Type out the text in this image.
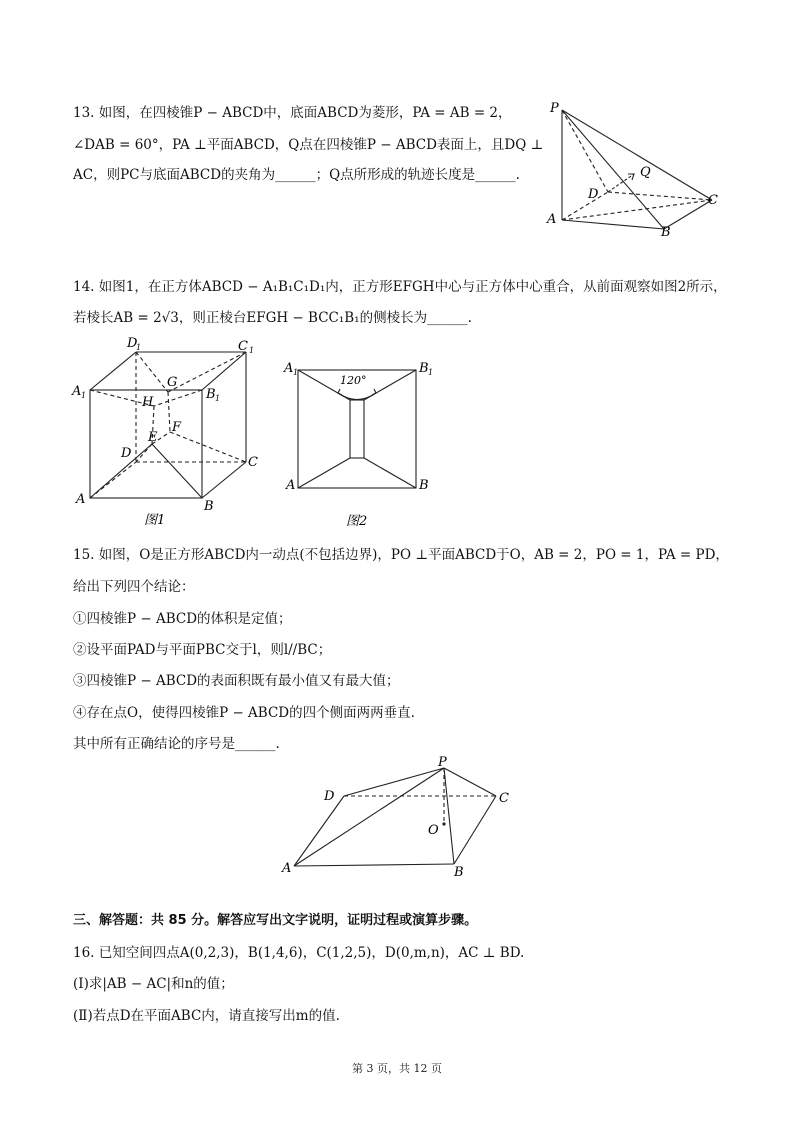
13. 如图，在四棱锥P − ABCD中，底面ABCD为菱形，PA = AB = 2，
∠DAB = 60°，PA ⊥平面ABCD，Q点在四棱锥P − ABCD表面上，且DQ ⊥
AC，则PC与底面ABCD的夹角为______；Q点所形成的轨迹长度是______.
P
Q
D	C
A
B
14. 如图1，在正方体ABCD − A₁B₁C₁D₁内，正方形EFGH中心与正方体中心重合，从前面观察如图2所示，
若棱长AB = 2√3，则正棱台EFGH − BCC₁B₁的侧棱长为______.
D
1	C 1
A 1	B 1
G
H
E
F
D
C
A	B
图1
120°
A 1	B 1
A	B
图2
15. 如图，O是正方形ABCD内一动点(不包括边界)，PO ⊥平面ABCD于O，AB = 2，PO = 1，PA = PD，
给出下列四个结论：
①四棱锥P − ABCD的体积是定值；
②设平面PAD与平面PBC交于l，则l//BC；
③四棱锥P − ABCD的表面积既有最小值又有最大值；
④存在点O，使得四棱锥P − ABCD的四个侧面两两垂直.
其中所有正确结论的序号是______.
P
D	C
O
A	B
三、解答题：共 85 分。解答应写出文字说明，证明过程或演算步骤。
16. 已知空间四点A(0,2,3)，B(1,4,6)，C(1,2,5)，D(0,m,n)，AC ⊥ BD.
(Ⅰ)求|AB − AC|和n的值；
(Ⅱ)若点D在平面ABC内，请直接写出m的值.
第 3 页，共 12 页
